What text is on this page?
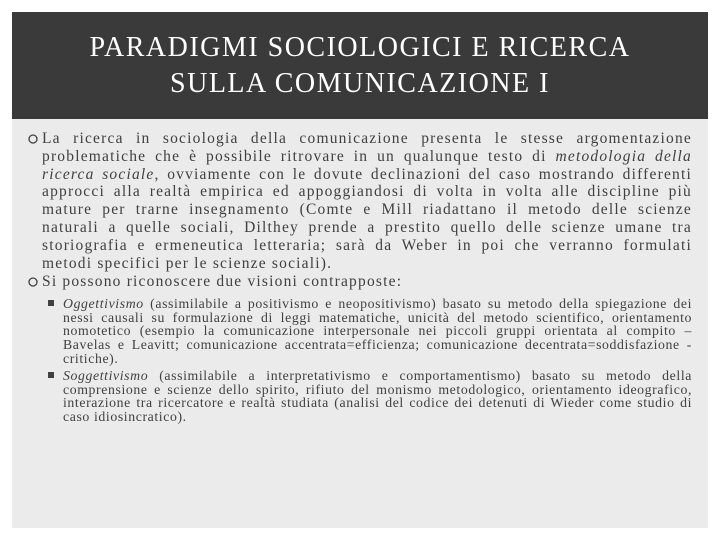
PARADIGMI SOCIOLOGICI E RICERCA
SULLA COMUNICAZIONE I
La ricerca in sociologia della comunicazione presenta le stesse argomentazione problematiche che è possibile ritrovare in un qualunque testo di metodologia della ricerca sociale, ovviamente con le dovute declinazioni del caso mostrando differenti approcci alla realtà empirica ed appoggiandosi di volta in volta alle discipline più mature per trarne insegnamento (Comte e Mill riadattano il metodo delle scienze naturali a quelle sociali, Dilthey prende a prestito quello delle scienze umane tra storiografia e ermeneutica letteraria; sarà da Weber in poi che verranno formulati metodi specifici per le scienze sociali).
Si possono riconoscere due visioni contrapposte:
Oggettivismo (assimilabile a positivismo e neopositivismo) basato su metodo della spiegazione dei nessi causali su formulazione di leggi matematiche, unicità del metodo scientifico, orientamento nomotetico (esempio la comunicazione interpersonale nei piccoli gruppi orientata al compito – Bavelas e Leavitt; comunicazione accentrata=efficienza; comunicazione decentrata=soddisfazione - critiche).
Soggettivismo (assimilabile a interpretativismo e comportamentismo) basato su metodo della comprensione e scienze dello spirito, rifiuto del monismo metodologico, orientamento ideografico, interazione tra ricercatore e realtà studiata (analisi del codice dei detenuti di Wieder come studio di caso idiosincratico).
